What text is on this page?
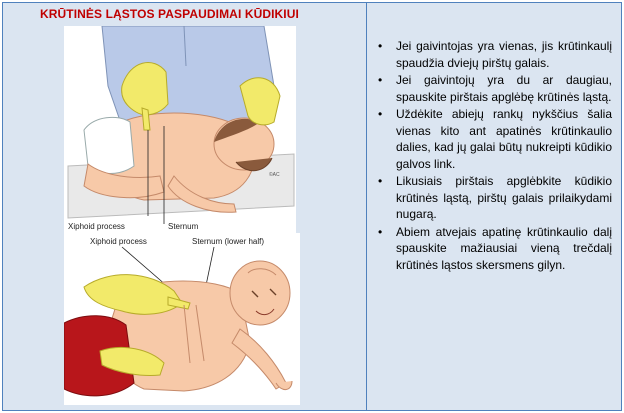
KRŪTINĖS LĄSTOS PASPAUDIMAI KŪDIKIUI
Xiphoid process	Sternum
©AC
Xiphoid process	Sternum (lower half)
• Jei gaivintojas yra vienas, jis krūtinkaulį spaudžia dviejų pirštų galais.
• Jei gaivintojų yra du ar daugiau, spauskite pirštais apglėbę krūtinės ląstą.
• Uždėkite abiejų rankų nykščius šalia vienas kito ant apatinės krūtinkaulio dalies, kad jų galai būtų nukreipti kūdikio galvos link.
• Likusiais pirštais apglėbkite kūdikio krūtinės ląstą, pirštų galais prilaikydami nugarą.
• Abiem atvejais apatinę krūtinkaulio dalį spauskite mažiausiai vieną trečdalį krūtinės ląstos skersmens gilyn.
